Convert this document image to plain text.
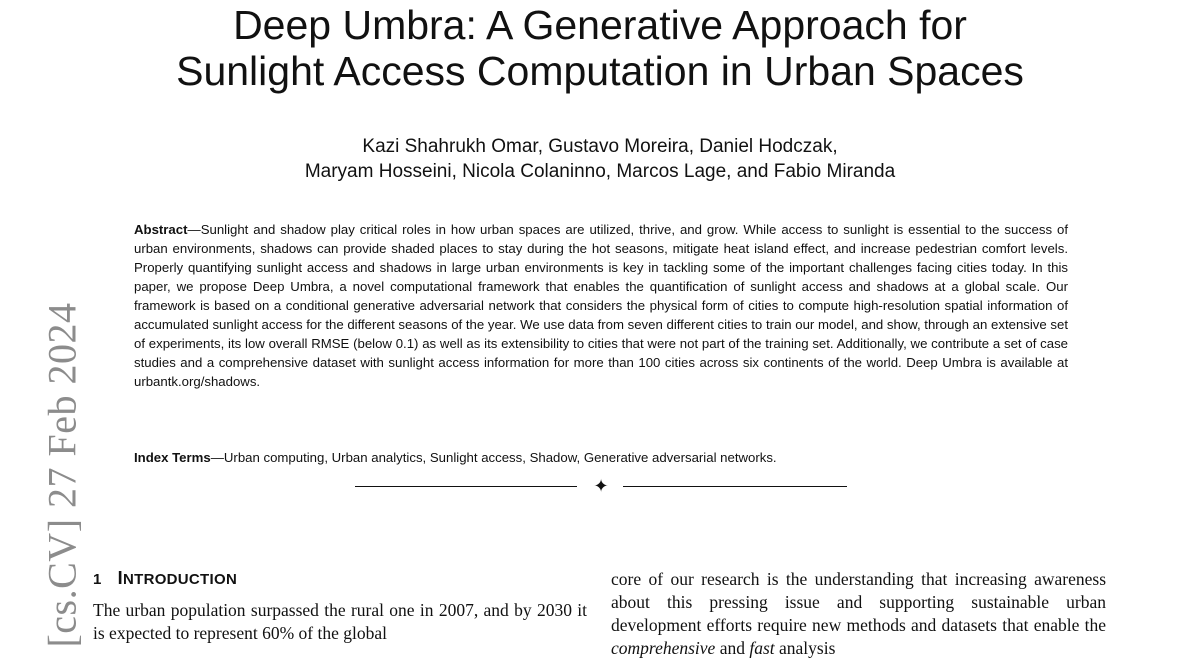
[cs.CV] 27 Feb 2024
Deep Umbra: A Generative Approach for
Sunlight Access Computation in Urban Spaces
Kazi Shahrukh Omar, Gustavo Moreira, Daniel Hodczak,
Maryam Hosseini, Nicola Colaninno, Marcos Lage, and Fabio Miranda

Abstract—Sunlight and shadow play critical roles in how urban spaces are utilized, thrive, and grow. While access to sunlight is essential to the success of urban environments, shadows can provide shaded places to stay during the hot seasons, mitigate heat island effect, and increase pedestrian comfort levels. Properly quantifying sunlight access and shadows in large urban environments is key in tackling some of the important challenges facing cities today. In this paper, we propose Deep Umbra, a novel computational framework that enables the quantification of sunlight access and shadows at a global scale. Our framework is based on a conditional generative adversarial network that considers the physical form of cities to compute high-resolution spatial information of accumulated sunlight access for the different seasons of the year. We use data from seven different cities to train our model, and show, through an extensive set of experiments, its low overall RMSE (below 0.1) as well as its extensibility to cities that were not part of the training set. Additionally, we contribute a set of case studies and a comprehensive dataset with sunlight access information for more than 100 cities across six continents of the world. Deep Umbra is available at urbantk.org/shadows.

Index Terms—Urban computing, Urban analytics, Sunlight access, Shadow, Generative adversarial networks.

✦
1 INTRODUCTION

The urban population surpassed the rural one in 2007, and by 2030 it is expected to represent 60% of the global

core of our research is the understanding that increasing awareness about this pressing issue and supporting sustainable urban development efforts require new methods and datasets that enable the comprehensive and fast analysis
